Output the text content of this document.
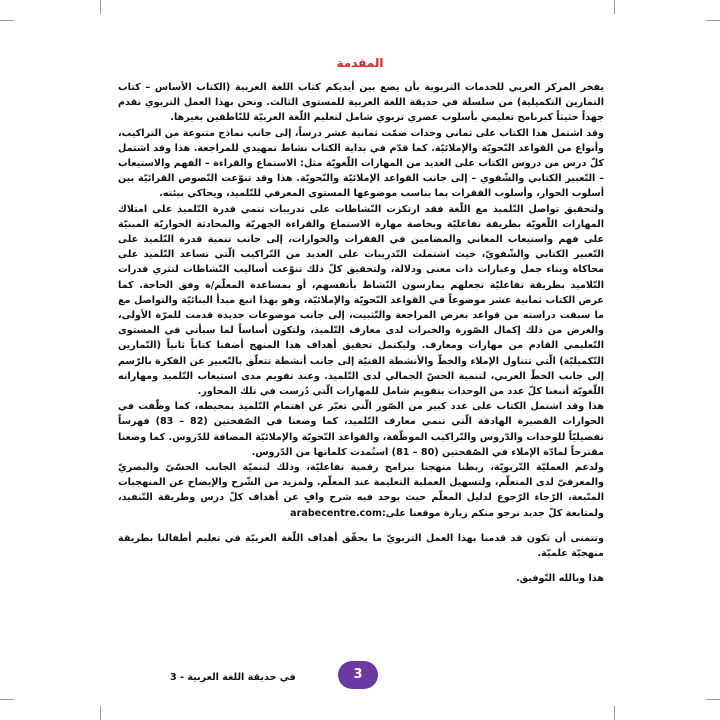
المقدمة

يفخر المركز العربي للخدمات التربوية بأن يضع بين أيديكم كتاب اللغة العربية (الكتاب الأساس – كتاب التمارين التكميلية) من سلسلة في حديقة اللغة العربية للمستوى الثالث. ونحن بهذا العمل التربوي نقدم جهداً حثيثاً كبرنامج تعليمي بأسلوب عصري تربوي شامل لتعليم اللّغة العربيّة للنّاطقين بغيرها.

وقد اشتمل هذا الكتاب على ثماني وحدات ضمّت ثمانية عشر درساً، إلى جانب نماذج متنوعة من التراكيب، وأنواع من القواعد النّحويّة والإملائيّة. كما قدّم في بداية الكتاب نشاط تمهيدي للمراجعة. هذا وقد اشتمل كلّ درس من دروس الكتاب على العديد من المهارات اللّغويّة مثل: الاستماع والقراءة – الفهم والاستيعاب – التّعبير الكتابي والشّفوي – إلى جانب القواعد الإملائيّة والنّحويّة. هذا وقد تنوّعت النّصوص القرائيّة بين أسلوب الحوار، وأسلوب الفقرات بما يناسب موضوعها المستوى المعرفي للتّلميذ، ويحاكي بيئته.

ولتحقيق تواصل التّلميذ مع اللّغة فقد ارتكزت النّشاطات على تدريبات تنمي قدرة التّلميذ على امتلاك المهارات اللّغويّة بطريقة تفاعليّة وبخاصة مهارة الاستماع والقراءة الجهريّة والمحادثة الحواريّة المبنيّة على فهم واستيعاب المعاني والمضامين في الفقرات والحوارات، إلى جانب تنمية قدرة التّلميذ على التّعبير الكتابي والشّفويّ، حيث اشتملت التّدريبات على العديد من التّراكيب الّتي تساعد التّلميذ على محاكاة وبناء جمل وعبارات ذات معنى ودلالة، ولتحقيق كلّ ذلك تنوّعت أساليب النّشاطات لتثري قدرات التّلاميذ بطريقة تفاعليّة تجعلهم يمارسون النّشاط بأنفسهم، أو بمساعدة المعلّم/ة وفق الحاجة. كما عرض الكتاب ثمانية عشر موضوعاً في القواعد النّحويّة والإملائيّة، وهو بهذا اتبع مبدأ البنائيّة والتواصل مع ما سبقت دراسته من قواعد بغرض المراجعة والتّثبيت، إلى جانب موضوعات جديدة قدمت للمرّة الأولى، والغرض من ذلك إكمال الصّورة والخبرات لدى معارف التّلميذ، ولتكون أساساً لما سيأتي في المستوى التّعليمي القادم من مهارات ومعارف. وليكتمل تحقيق أهداف هذا المنهج أضفنا كتاباً ثانياً (التّمارين التّكميليّة) الّتي تتناول الإملاء والخطّ والأنشطة الفنيّة إلى جانب أنشطة تتعلّق بالتّعبير عن الفكرة بالرّسم إلى جانب الخطّ العربي، لتنمية الحسّ الجمالي لدى التّلميذ. وعند تقويم مدى استيعاب التّلميذ ومهاراته اللّغويّة أتبعنا كلّ عدد من الوحدات بتقويم شامل للمهارات الّتي دُرست في تلك المحاور.

هذا وقد اشتمل الكتاب على عدد كبير من الصّور الّتي تعبّر عن اهتمام التّلميذ بمحيطه، كما وظّفت في الحوارات القصيرة الهادفة الّتي تنمي معارف التّلميذ، كما وضعنا في الصّفحتين (82 – 83) فهرساً تفصيليّاً للوحدات والدّروس والتّراكيب الموظّفة، والقواعد النّحويّة والإملائيّة المضافة للدّروس. كما وضعنا مقترحاً لمادّة الإملاء في الصّفحتين (80 – 81) استُمدت كلماتها من الدّروس.

ولدعم العمليّة التّربويّة، ربطنا منهجنا ببرامج رقمية تفاعليّة، وذلك لتنميّة الجانب الحسّيّ والبصريّ والمعرفيّ لدى المتعلّم، ولتسهيل العملية التعليمة عند المعلّم. ولمزيد من الشّرح والإيضاح عن المنهجيات المتّبعة، الرّجاء الرّجوع لدليل المعلّم حيث يوجد فيه شرح وافٍ عن أهداف كلّ درس وطريقة التّنفيذ، ولمتابعة كلّ جديد نرجو منكم زيارة موقعنا على:arabecentre.com

وتتمنى أن تكون قد قدمنا بهذا العمل التربويّ ما يحقّق أهداف اللّغة العربيّة في تعليم أطفالنا بطريقة منهجيّة علميّة.

هذا وبالله التّوفيق.

3
في حديقة اللغة العربية - 3
